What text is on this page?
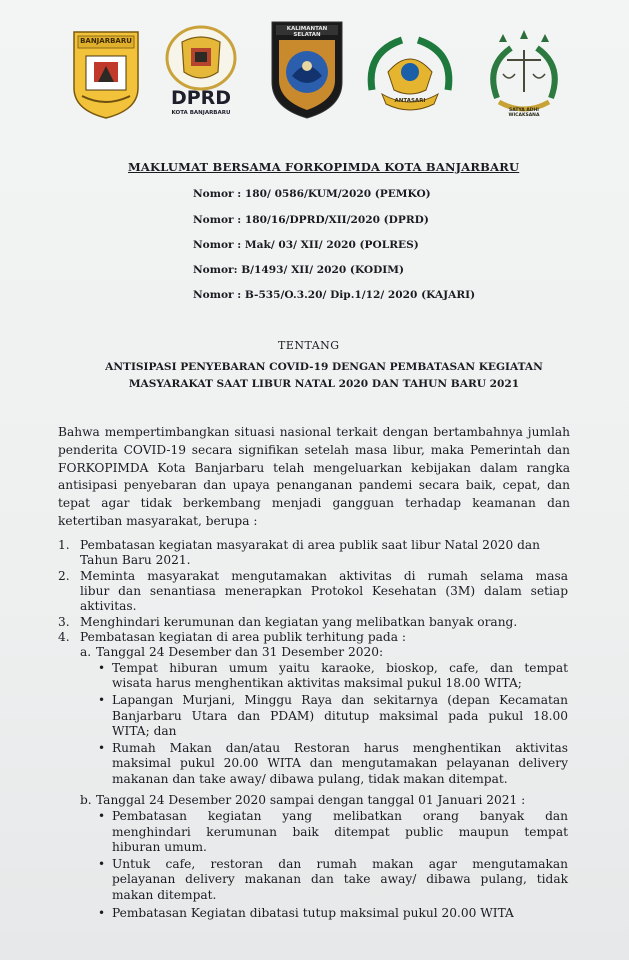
BANJARBARU
DPRD
KOTA BANJARBARU
KALIMANTAN SELATAN
ANTASARI
SATYA ADHI WICAKSANA
MAKLUMAT BERSAMA FORKOPIMDA KOTA BANJARBARU
Nomor : 180/ 0586/KUM/2020 (PEMKO)
Nomor : 180/16/DPRD/XII/2020 (DPRD)
Nomor : Mak/ 03/ XII/ 2020 (POLRES)
Nomor: B/1493/ XII/ 2020 (KODIM)
Nomor : B-535/O.3.20/ Dip.1/12/ 2020 (KAJARI)
TENTANG
ANTISIPASI PENYEBARAN COVID-19 DENGAN PEMBATASAN KEGIATAN
MASYARAKAT SAAT LIBUR NATAL 2020 DAN TAHUN BARU 2021
Bahwa mempertimbangkan situasi nasional terkait dengan bertambahnya jumlah penderita COVID-19 secara signifikan setelah masa libur, maka Pemerintah dan FORKOPIMDA Kota Banjarbaru telah mengeluarkan kebijakan dalam rangka antisipasi penyebaran dan upaya penanganan pandemi secara baik, cepat, dan tepat agar tidak berkembang menjadi gangguan terhadap keamanan dan ketertiban masyarakat, berupa :
1. Pembatasan kegiatan masyarakat di area publik saat libur Natal 2020 dan
Tahun Baru 2021.
2. Meminta masyarakat mengutamakan aktivitas di rumah selama masa
libur dan senantiasa menerapkan Protokol Kesehatan (3M) dalam setiap
aktivitas.
3. Menghindari kerumunan dan kegiatan yang melibatkan banyak orang.
4. Pembatasan kegiatan di area publik terhitung pada :
a. Tanggal 24 Desember dan 31 Desember 2020:
• Tempat hiburan umum yaitu karaoke, bioskop, cafe, dan tempat
wisata harus menghentikan aktivitas maksimal pukul 18.00 WITA;
• Lapangan Murjani, Minggu Raya dan sekitarnya (depan Kecamatan
Banjarbaru Utara dan PDAM) ditutup maksimal pada pukul 18.00
WITA; dan
• Rumah Makan dan/atau Restoran harus menghentikan aktivitas
maksimal pukul 20.00 WITA dan mengutamakan pelayanan delivery
makanan dan take away/ dibawa pulang, tidak makan ditempat.
b. Tanggal 24 Desember 2020 sampai dengan tanggal 01 Januari 2021 :
• Pembatasan kegiatan yang melibatkan orang banyak dan
menghindari kerumunan baik ditempat public maupun tempat
hiburan umum.
• Untuk cafe, restoran dan rumah makan agar mengutamakan
pelayanan delivery makanan dan take away/ dibawa pulang, tidak
makan ditempat.
• Pembatasan Kegiatan dibatasi tutup maksimal pukul 20.00 WITA
